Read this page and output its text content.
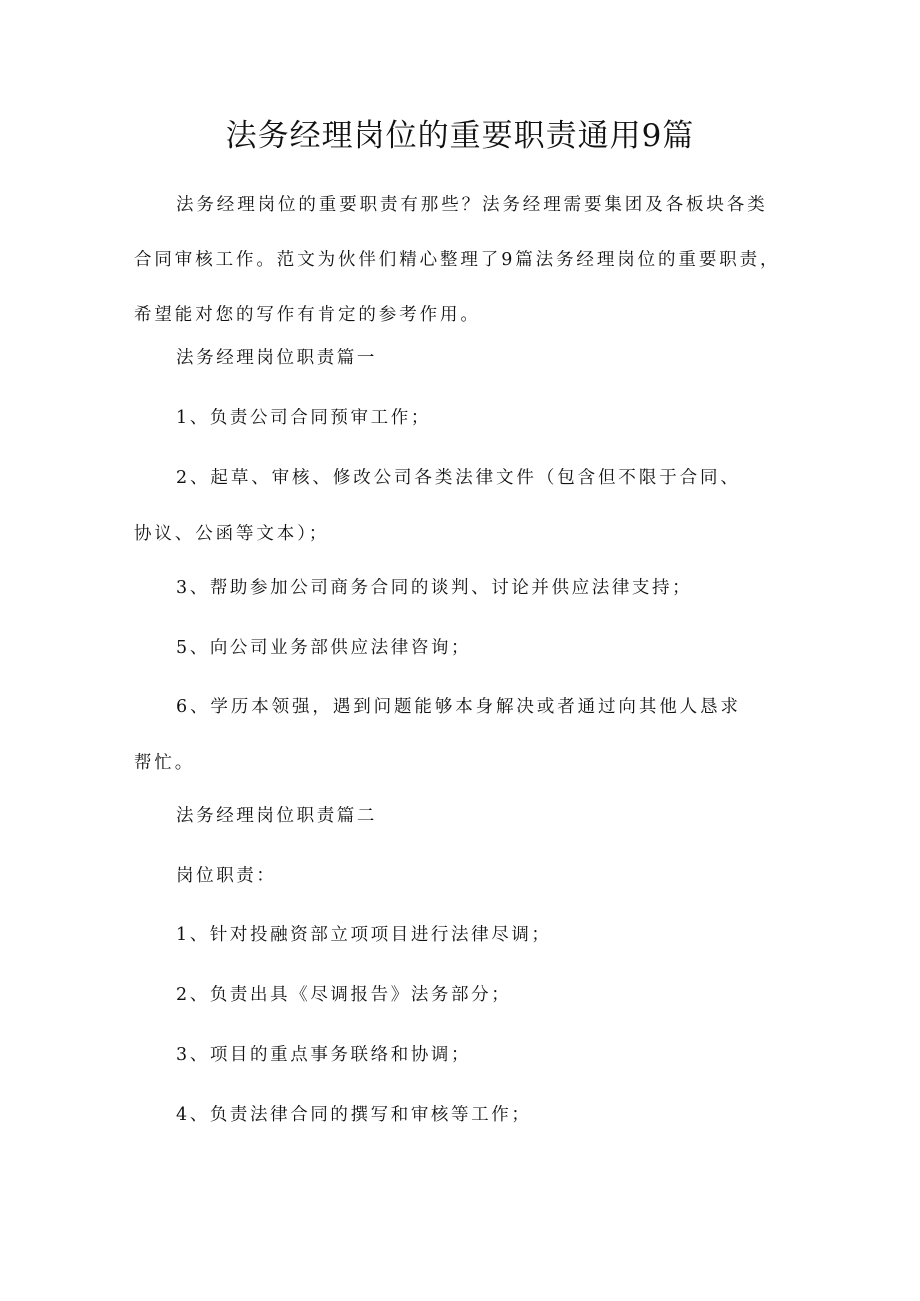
法务经理岗位的重要职责通用9篇
法务经理岗位的重要职责有那些？法务经理需要集团及各板块各类合同审核工作。范文为伙伴们精心整理了9篇法务经理岗位的重要职责，希望能对您的写作有肯定的参考作用。
法务经理岗位职责篇一
1、负责公司合同预审工作；
2、起草、审核、修改公司各类法律文件（包含但不限于合同、协议、公函等文本）；
3、帮助参加公司商务合同的谈判、讨论并供应法律支持；
5、向公司业务部供应法律咨询；
6、学历本领强，遇到问题能够本身解决或者通过向其他人恳求帮忙。
法务经理岗位职责篇二
岗位职责：
1、针对投融资部立项项目进行法律尽调；
2、负责出具《尽调报告》法务部分；
3、项目的重点事务联络和协调；
4、负责法律合同的撰写和审核等工作；
